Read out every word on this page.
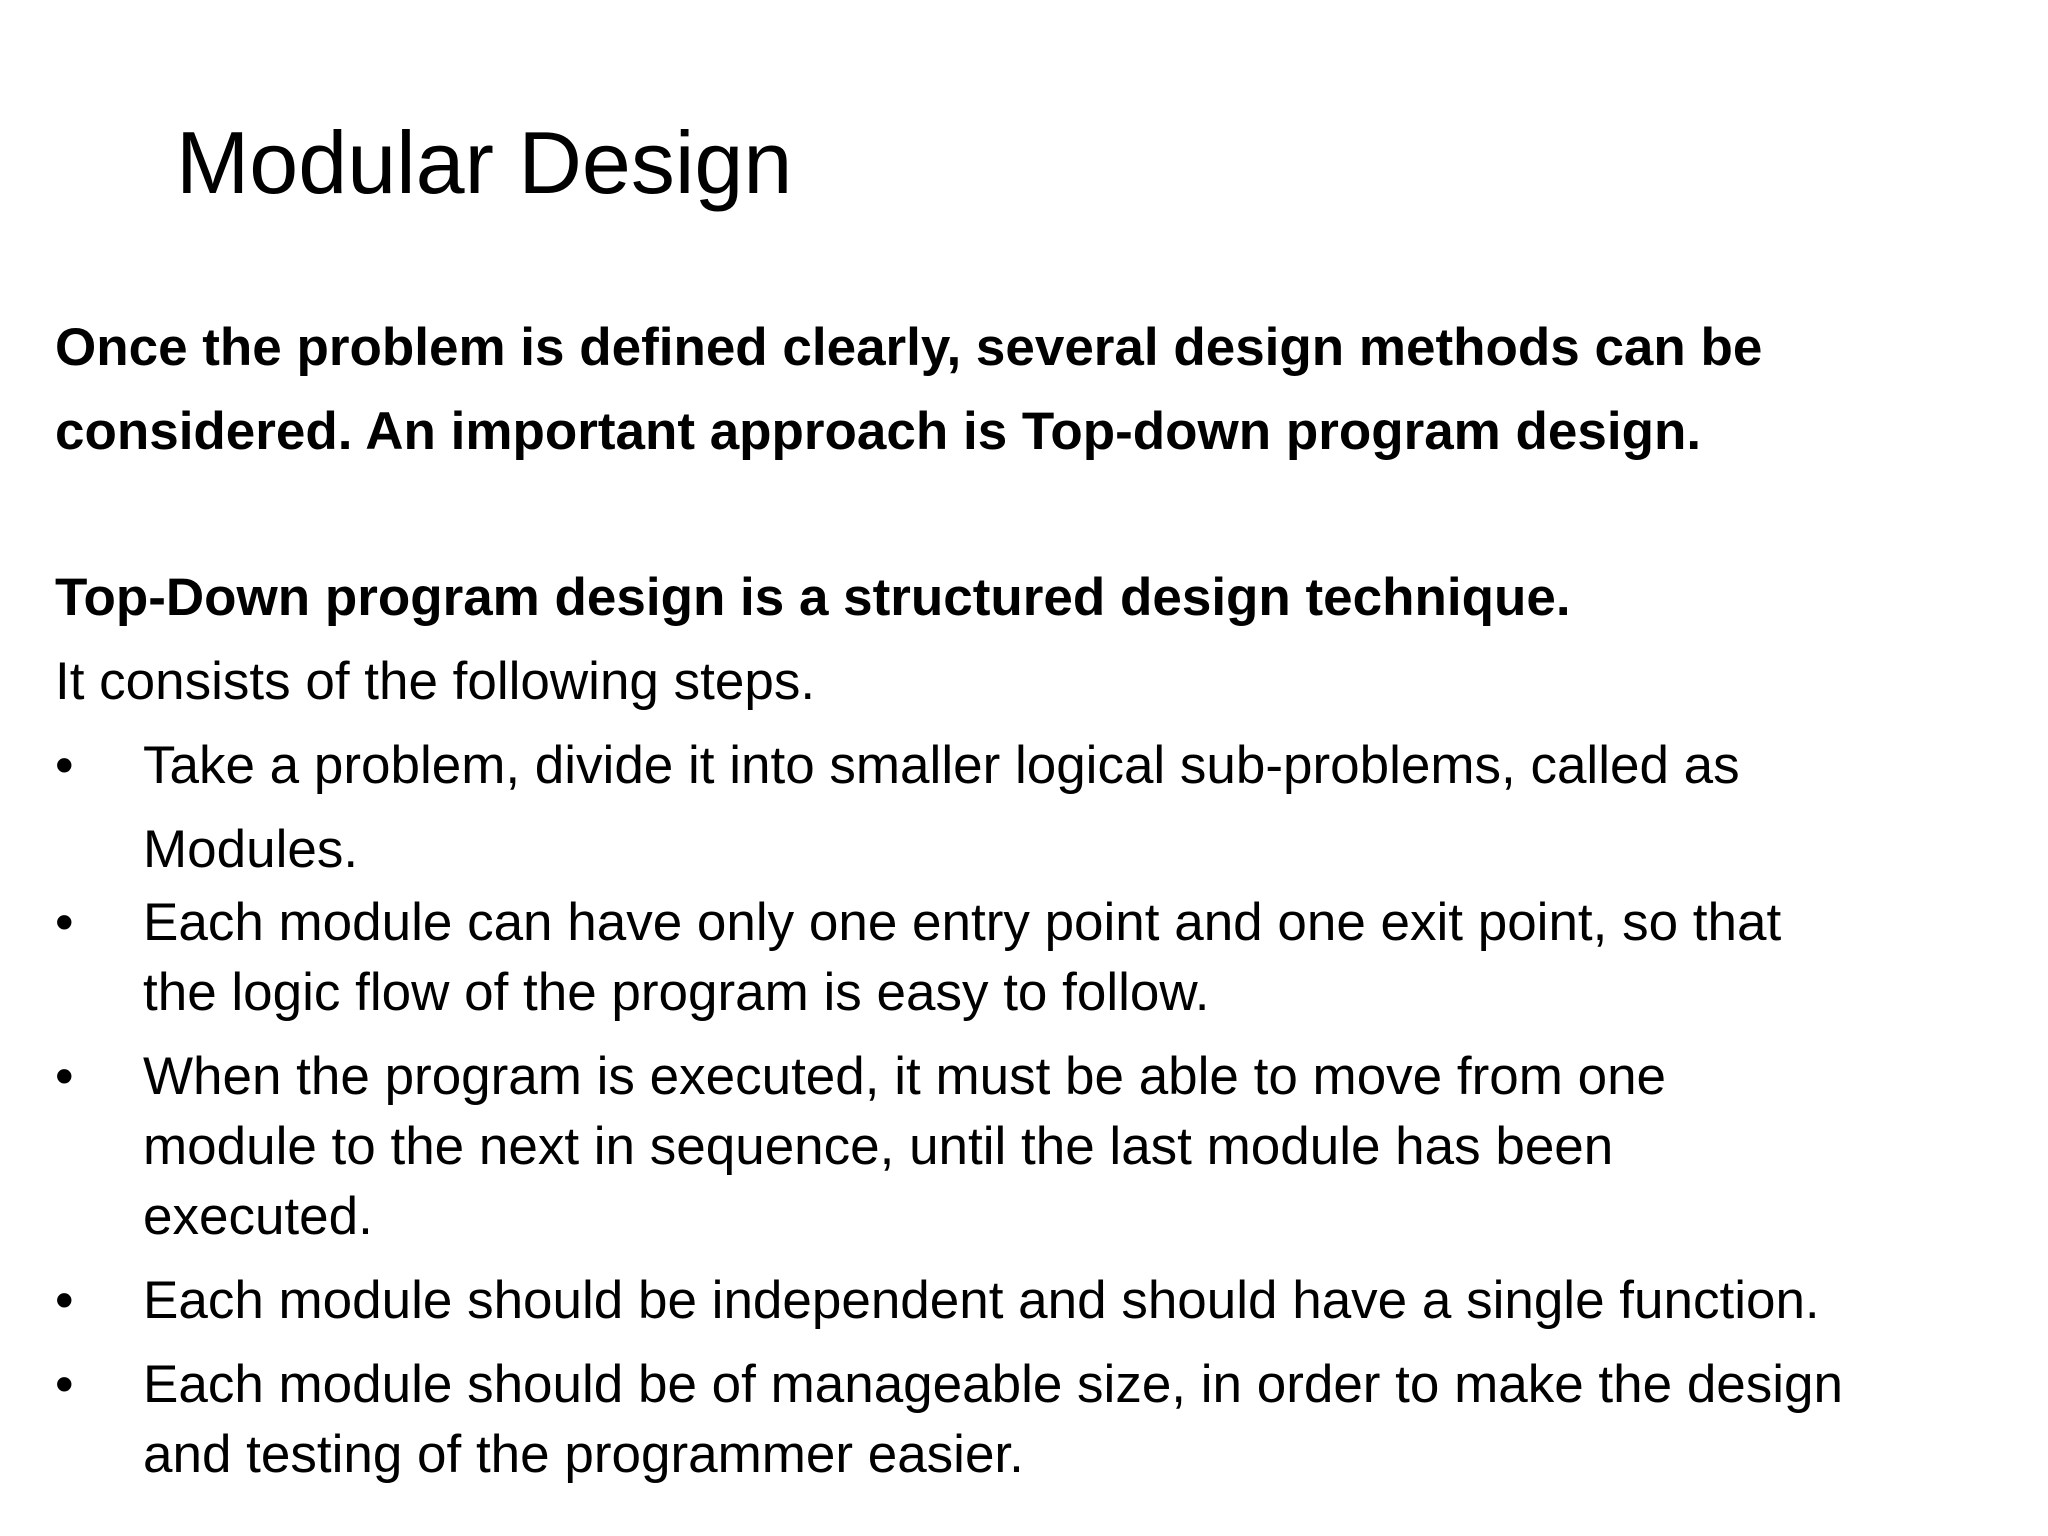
Modular Design

Once the problem is defined clearly, several design methods can be
considered. An important approach is Top-down program design.

Top-Down program design is a structured design technique.

It consists of the following steps.

• Take a problem, divide it into smaller logical sub-problems, called as
Modules.
• Each module can have only one entry point and one exit point, so that
the logic flow of the program is easy to follow.
• When the program is executed, it must be able to move from one
module to the next in sequence, until the last module has been
executed.
• Each module should be independent and should have a single function.
• Each module should be of manageable size, in order to make the design
and testing of the programmer easier.
